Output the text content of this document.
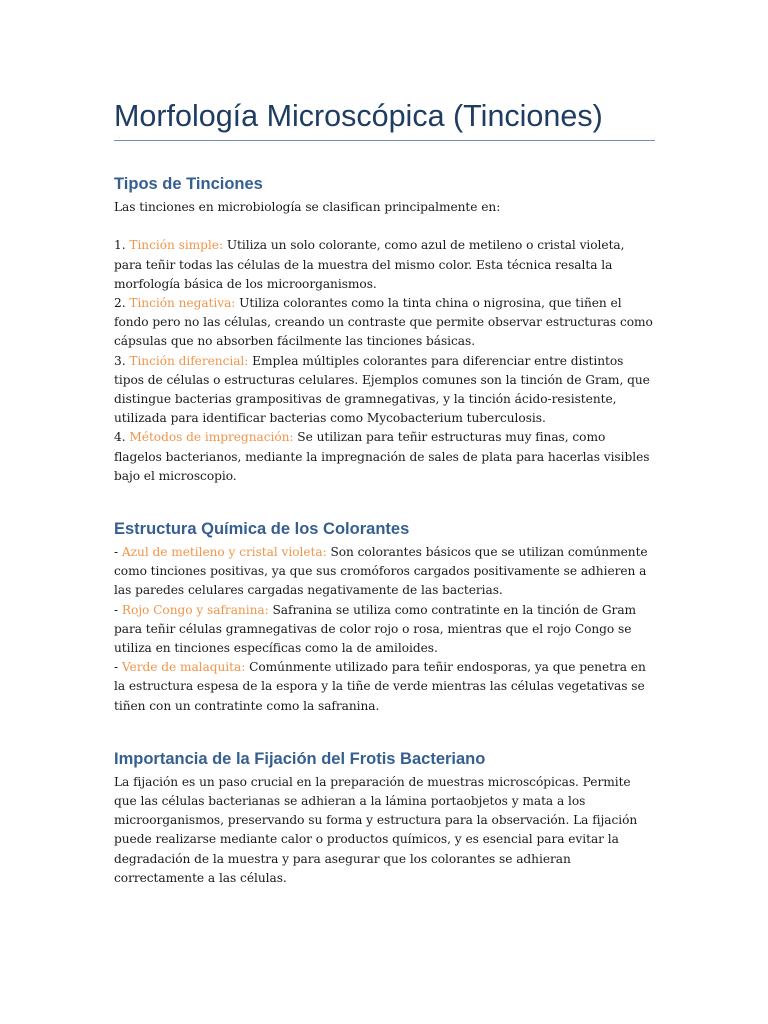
Morfología Microscópica (Tinciones)
Tipos de Tinciones

Las tinciones en microbiología se clasifican principalmente en:

1. Tinción simple: Utiliza un solo colorante, como azul de metileno o cristal violeta, para teñir todas las células de la muestra del mismo color. Esta técnica resalta la morfología básica de los microorganismos.

2. Tinción negativa: Utiliza colorantes como la tinta china o nigrosina, que tiñen el fondo pero no las células, creando un contraste que permite observar estructuras como cápsulas que no absorben fácilmente las tinciones básicas.

3. Tinción diferencial: Emplea múltiples colorantes para diferenciar entre distintos tipos de células o estructuras celulares. Ejemplos comunes son la tinción de Gram, que distingue bacterias grampositivas de gramnegativas, y la tinción ácido-resistente, utilizada para identificar bacterias como Mycobacterium tuberculosis.

4. Métodos de impregnación: Se utilizan para teñir estructuras muy finas, como flagelos bacterianos, mediante la impregnación de sales de plata para hacerlas visibles bajo el microscopio.

Estructura Química de los Colorantes

- Azul de metileno y cristal violeta: Son colorantes básicos que se utilizan comúnmente como tinciones positivas, ya que sus cromóforos cargados positivamente se adhieren a las paredes celulares cargadas negativamente de las bacterias.

- Rojo Congo y safranina: Safranina se utiliza como contratinte en la tinción de Gram para teñir células gramnegativas de color rojo o rosa, mientras que el rojo Congo se utiliza en tinciones específicas como la de amiloides.

- Verde de malaquita: Comúnmente utilizado para teñir endosporas, ya que penetra en la estructura espesa de la espora y la tiñe de verde mientras las células vegetativas se tiñen con un contratinte como la safranina.

Importancia de la Fijación del Frotis Bacteriano

La fijación es un paso crucial en la preparación de muestras microscópicas. Permite que las células bacterianas se adhieran a la lámina portaobjetos y mata a los microorganismos, preservando su forma y estructura para la observación. La fijación puede realizarse mediante calor o productos químicos, y es esencial para evitar la degradación de la muestra y para asegurar que los colorantes se adhieran correctamente a las células.
